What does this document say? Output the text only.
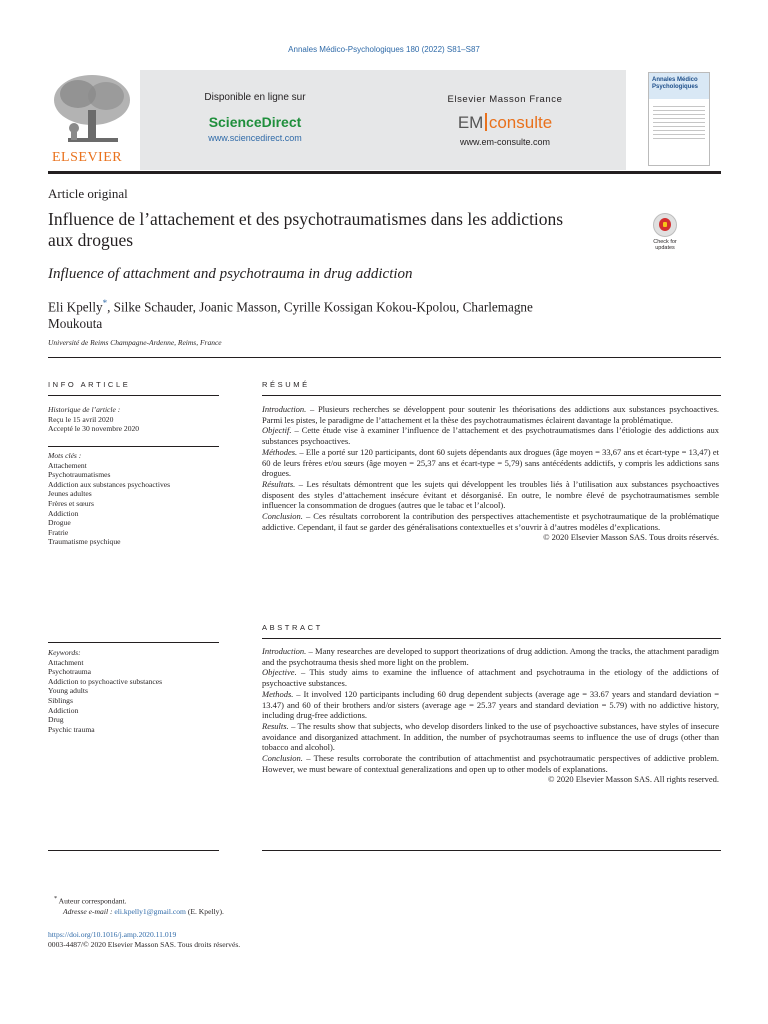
Annales Médico-Psychologiques 180 (2022) S81–S87
ELSEVIER
Disponible en ligne sur
ScienceDirect
www.sciencedirect.com
Elsevier Masson France
EM consulte
www.em-consulte.com
Annales Médico
Psychologiques
Article original
Influence de l’attachement et des psychotraumatismes dans les addictions aux drogues	Check for updates
Influence of attachment and psychotrauma in drug addiction
Eli Kpelly*, Silke Schauder, Joanic Masson, Cyrille Kossigan Kokou-Kpolou, Charlemagne Moukouta
Université de Reims Champagne-Ardenne, Reims, France
INFO ARTICLE
Historique de l’article :
Reçu le 15 avril 2020
Accepté le 30 novembre 2020
Mots clés :
Attachement
Psychotraumatismes
Addiction aux substances psychoactives
Jeunes adultes
Frères et sœurs
Addiction
Drogue
Fratrie
Traumatisme psychique
Keywords:
Attachment
Psychotrauma
Addiction to psychoactive substances
Young adults
Siblings
Addiction
Drug
Psychic trauma
RÉSUMÉ

Introduction. – Plusieurs recherches se développent pour soutenir les théorisations des addictions aux substances psychoactives. Parmi les pistes, le paradigme de l’attachement et la thèse des psychotraumatismes éclairent davantage la problématique.

Objectif. – Cette étude vise à examiner l’influence de l’attachement et des psychotraumatismes dans l’étiologie des addictions aux substances psychoactives.

Méthodes. – Elle a porté sur 120 participants, dont 60 sujets dépendants aux drogues (âge moyen = 33,67 ans et écart-type = 13,47) et 60 de leurs frères et/ou sœurs (âge moyen = 25,37 ans et écart-type = 5,79) sans antécédents addictifs, y compris les addictions sans drogues.

Résultats. – Les résultats démontrent que les sujets qui développent les troubles liés à l’utilisation aux substances psychoactives disposent des styles d’attachement insécure évitant et désorganisé. En outre, le nombre élevé de psychotraumatismes semble influencer la consommation de drogues (autres que le tabac et l’alcool).

Conclusion. – Ces résultats corroborent la contribution des perspectives attachementiste et psychotraumatique de la problématique addictive. Cependant, il faut se garder des généralisations contextuelles et s’ouvrir à d’autres modèles d’explications.

© 2020 Elsevier Masson SAS. Tous droits réservés.

ABSTRACT

Introduction. – Many researches are developed to support theorizations of drug addiction. Among the tracks, the attachment paradigm and the psychotrauma thesis shed more light on the problem.

Objective. – This study aims to examine the influence of attachment and psychotrauma in the etiology of the addictions of psychoactive substances.

Methods. – It involved 120 participants including 60 drug dependent subjects (average age = 33.67 years and standard deviation = 13.47) and 60 of their brothers and/or sisters (average age = 25.37 years and standard deviation = 5.79) with no addictive history, including drug-free addictions.

Results. – The results show that subjects, who develop disorders linked to the use of psychoactive substances, have styles of insecure avoidance and disorganized attachment. In addition, the number of psychotraumas seems to influence the use of drugs (other than tobacco and alcohol).

Conclusion. – These results corroborate the contribution of attachmentist and psychotraumatic perspectives of addictive problem. However, we must beware of contextual generalizations and open up to other models of explanations.

© 2020 Elsevier Masson SAS. All rights reserved.

* Auteur correspondant.
Adresse e-mail : eli.kpelly1@gmail.com (E. Kpelly).
https://doi.org/10.1016/j.amp.2020.11.019
0003-4487/© 2020 Elsevier Masson SAS. Tous droits réservés.
